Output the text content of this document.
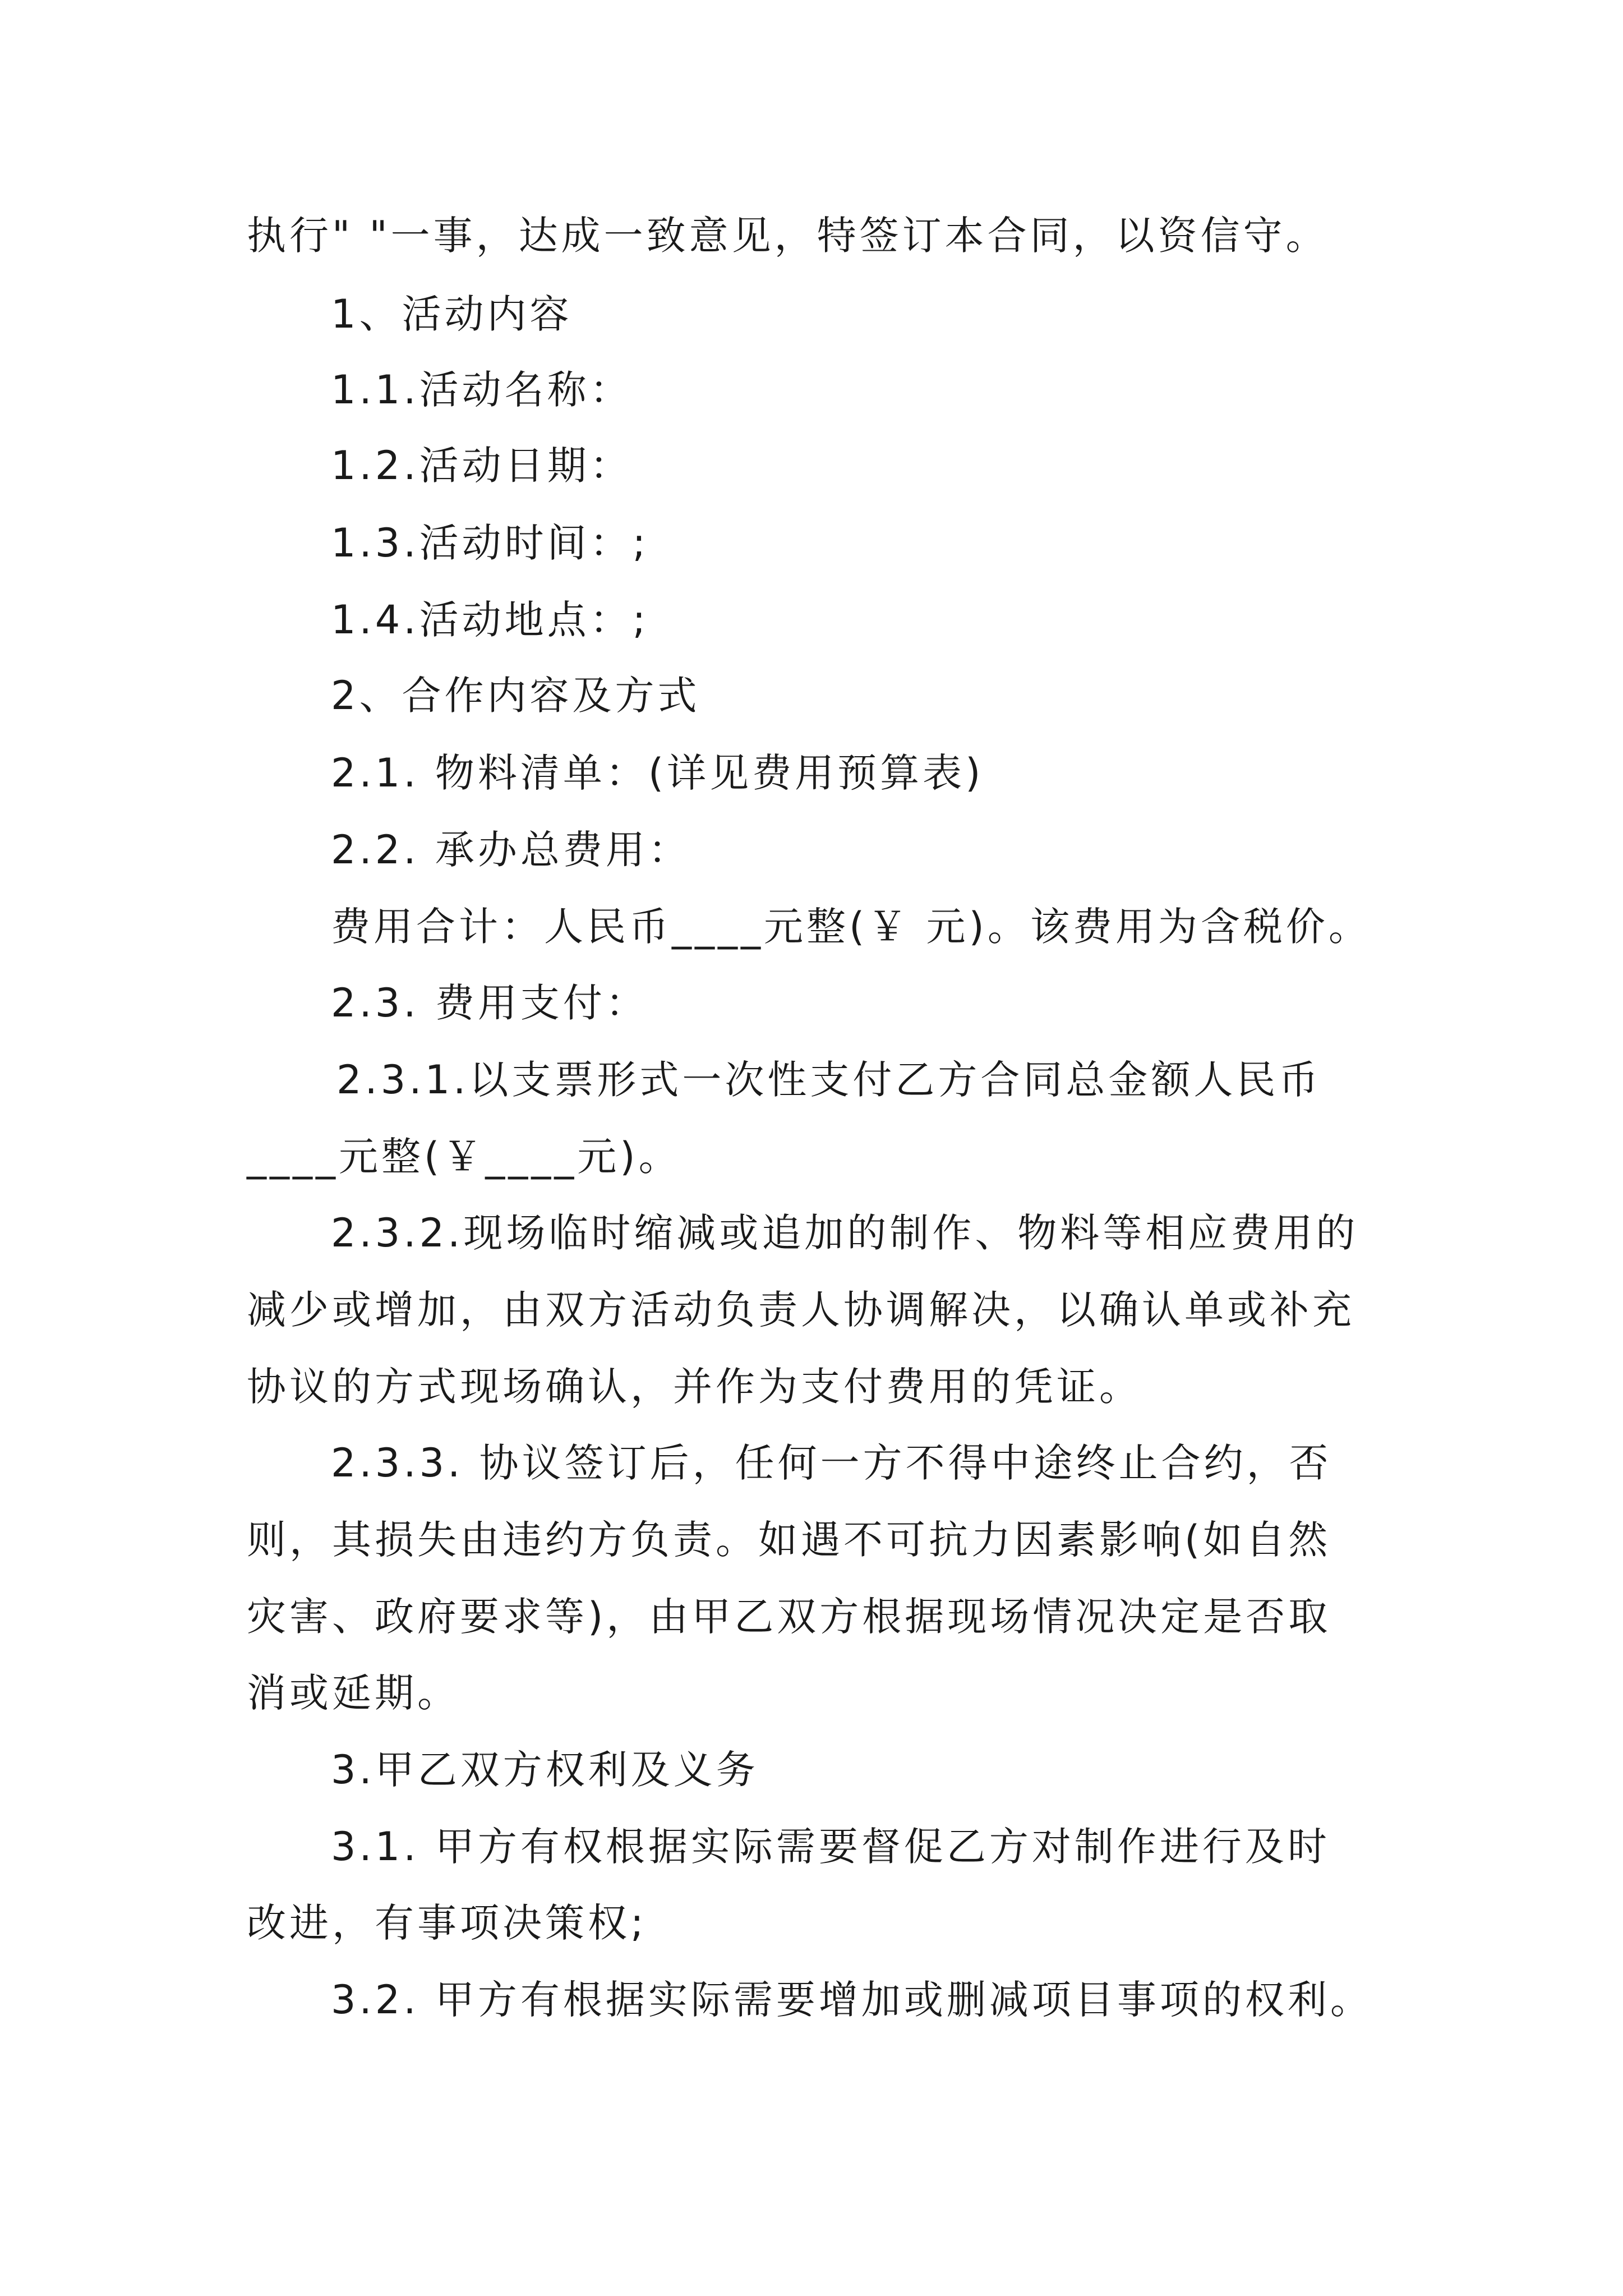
执行" "一事，达成一致意见，特签订本合同，以资信守。
1、活动内容
1.1.活动名称：
1.2.活动日期：
1.3.活动时间：;
1.4.活动地点：;
2、合作内容及方式
2.1. 物料清单：(详见费用预算表)
2.2. 承办总费用：
费用合计：人民币____元整(￥ 元)。该费用为含税价。
2.3. 费用支付：
2.3.1.以支票形式一次性支付乙方合同总金额人民币
____元整(￥____元)。
2.3.2.现场临时缩减或追加的制作、物料等相应费用的
减少或增加，由双方活动负责人协调解决，以确认单或补充
协议的方式现场确认，并作为支付费用的凭证。
2.3.3. 协议签订后，任何一方不得中途终止合约，否
则，其损失由违约方负责。如遇不可抗力因素影响(如自然
灾害、政府要求等)，由甲乙双方根据现场情况决定是否取
消或延期。
3.甲乙双方权利及义务
3.1. 甲方有权根据实际需要督促乙方对制作进行及时
改进，有事项决策权;
3.2. 甲方有根据实际需要增加或删减项目事项的权利。
